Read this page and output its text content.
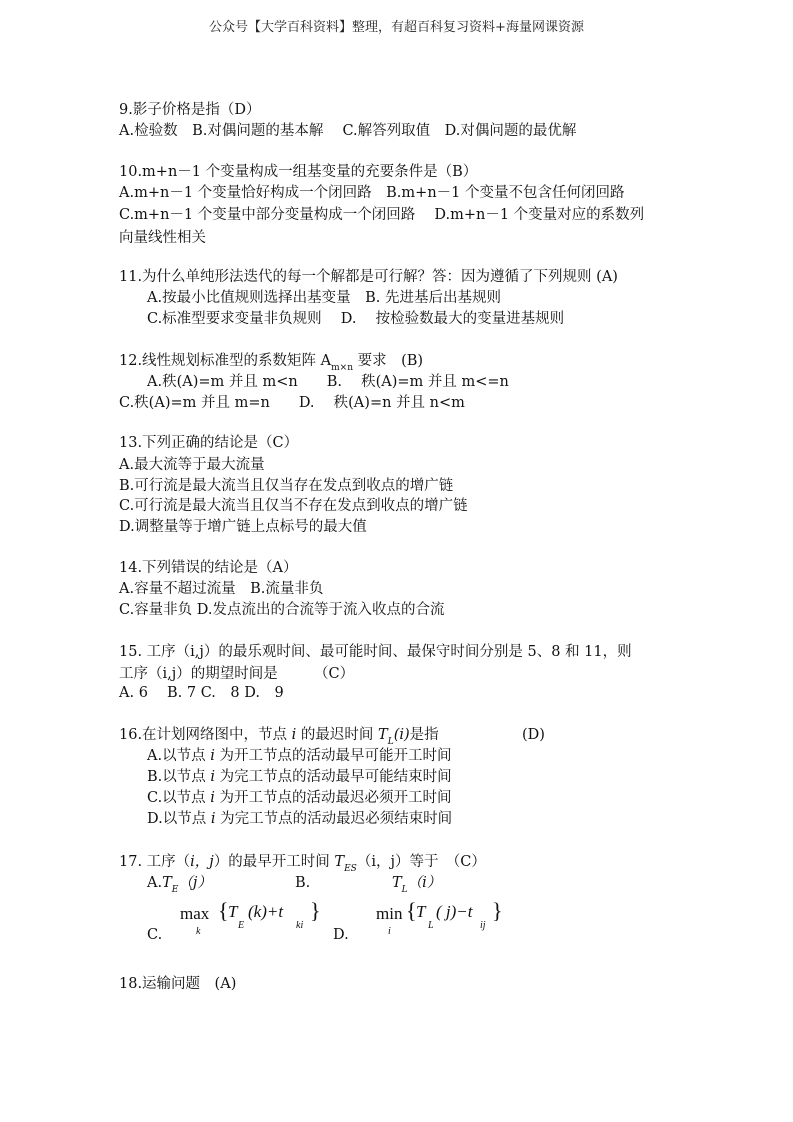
公众号【大学百科资料】整理，有超百科复习资料+海量网课资源
9.影子价格是指（D）
A.检验数　B.对偶问题的基本解　 C.解答列取值　D.对偶问题的最优解
10.m+n－1 个变量构成一组基变量的充要条件是（B）
A.m+n－1 个变量恰好构成一个闭回路　B.m+n－1 个变量不包含任何闭回路
C.m+n－1 个变量中部分变量构成一个闭回路　 D.m+n－1 个变量对应的系数列
向量线性相关
11.为什么单纯形法迭代的每一个解都是可行解？答：因为遵循了下列规则 (A)
A.按最小比值规则选择出基变量　B. 先进基后出基规则
C.标准型要求变量非负规则　 D.　 按检验数最大的变量进基规则
12.线性规划标准型的系数矩阵 $A_{m\times n}$ 要求　(B)
A.秩(A)=m 并且 m<n　　B.　 秩(A)=m 并且 m<=n
C.秩(A)=m 并且 m=n　　D.　 秩(A)=n 并且 n<m
13.下列正确的结论是（C）
A.最大流等于最大流量
B.可行流是最大流当且仅当存在发点到收点的增广链
C.可行流是最大流当且仅当不存在发点到收点的增广链
D.调整量等于增广链上点标号的最大值
14.下列错误的结论是（A）
A.容量不超过流量　B.流量非负
C.容量非负 D.发点流出的合流等于流入收点的合流
15. 工序（i,j）的最乐观时间、最可能时间、最保守时间分别是 5、8 和 11，则
工序（i,j）的期望时间是　　　（C）
A. 6　 B. 7 C.　8 D.　9
16.在计划网络图中，节点 i 的最迟时间 $T_L(i)$是指	(D)
A.以节点 i 为开工节点的活动最早可能开工时间
B.以节点 i 为完工节点的活动最早可能结束时间
C.以节点 i 为开工节点的活动最迟必须开工时间
D.以节点 i 为完工节点的活动最迟必须结束时间
17. 工序（i，j）的最早开工时间 $T_{ES}(i$，j）等于　（C）
$A.T_E(j)$	B.	$T_L(i)$
C.
max
k
{ T
E
(k)+t
ki
}
D.
min
i
{ T
L
( j)−t
ij
}
18.运输问题　(A)
